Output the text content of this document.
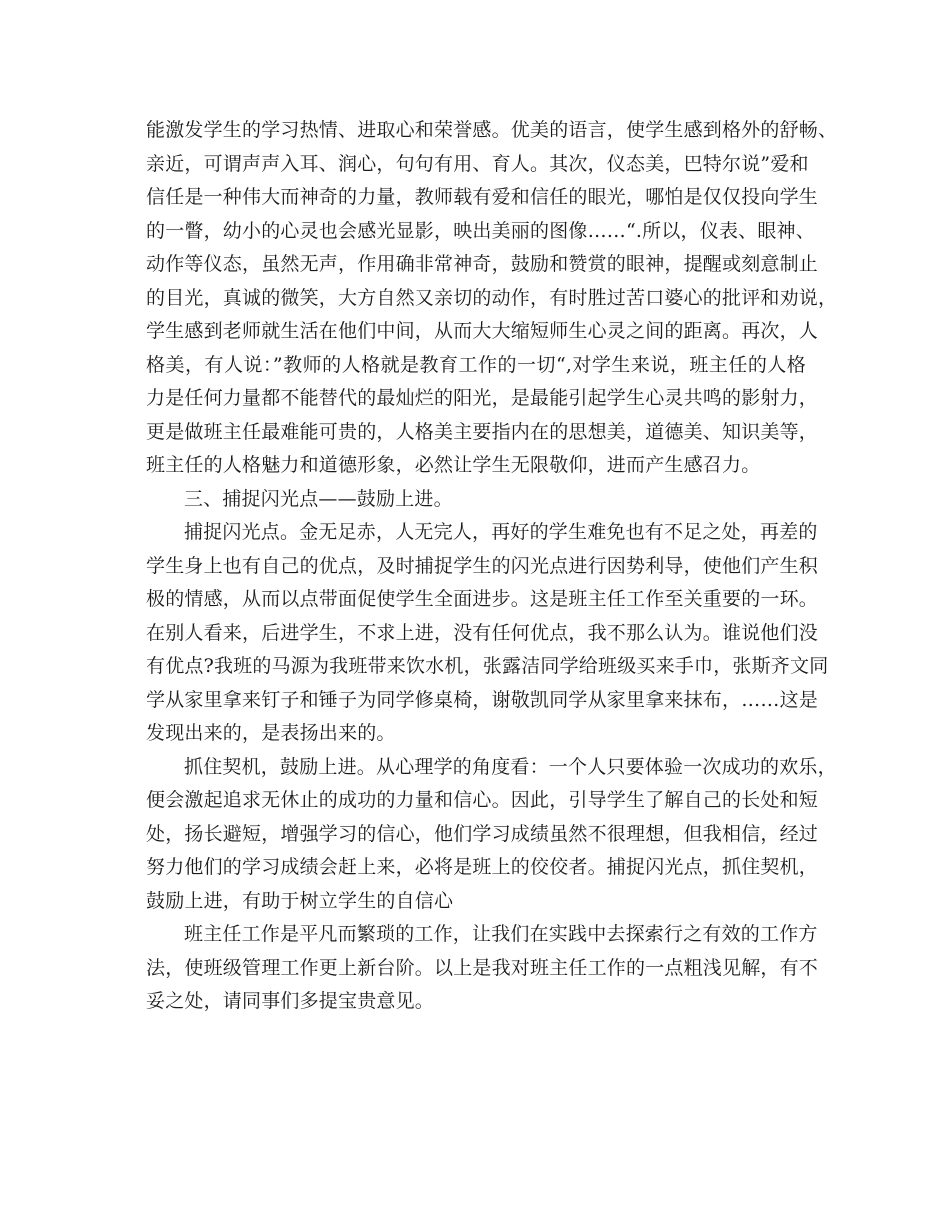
能激发学生的学习热情、进取心和荣誉感。优美的语言，使学生感到格外的舒畅、
亲近，可谓声声入耳、润心，句句有用、育人。其次，仪态美，巴特尔说”爱和
信任是一种伟大而神奇的力量，教师载有爱和信任的眼光，哪怕是仅仅投向学生
的一瞥，幼小的心灵也会感光显影，映出美丽的图像……“.所以，仪表、眼神、
动作等仪态，虽然无声，作用确非常神奇，鼓励和赞赏的眼神，提醒或刻意制止
的目光，真诚的微笑，大方自然又亲切的动作，有时胜过苦口婆心的批评和劝说，
学生感到老师就生活在他们中间，从而大大缩短师生心灵之间的距离。再次，人
格美，有人说：”教师的人格就是教育工作的一切“,对学生来说，班主任的人格
力是任何力量都不能替代的最灿烂的阳光，是最能引起学生心灵共鸣的影射力，
更是做班主任最难能可贵的，人格美主要指内在的思想美，道德美、知识美等，
班主任的人格魅力和道德形象，必然让学生无限敬仰，进而产生感召力。
三、捕捉闪光点——鼓励上进。
捕捉闪光点。金无足赤，人无完人，再好的学生难免也有不足之处，再差的
学生身上也有自己的优点，及时捕捉学生的闪光点进行因势利导，使他们产生积
极的情感，从而以点带面促使学生全面进步。这是班主任工作至关重要的一环。
在别人看来，后进学生，不求上进，没有任何优点，我不那么认为。谁说他们没
有优点?我班的马源为我班带来饮水机，张露洁同学给班级买来手巾，张斯齐文同
学从家里拿来钉子和锤子为同学修桌椅，谢敬凯同学从家里拿来抹布，……这是
发现出来的，是表扬出来的。
抓住契机，鼓励上进。从心理学的角度看：一个人只要体验一次成功的欢乐，
便会激起追求无休止的成功的力量和信心。因此，引导学生了解自己的长处和短
处，扬长避短，增强学习的信心，他们学习成绩虽然不很理想，但我相信，经过
努力他们的学习成绩会赶上来，必将是班上的佼佼者。捕捉闪光点，抓住契机，
鼓励上进，有助于树立学生的自信心
班主任工作是平凡而繁琐的工作，让我们在实践中去探索行之有效的工作方
法，使班级管理工作更上新台阶。以上是我对班主任工作的一点粗浅见解，有不
妥之处，请同事们多提宝贵意见。
